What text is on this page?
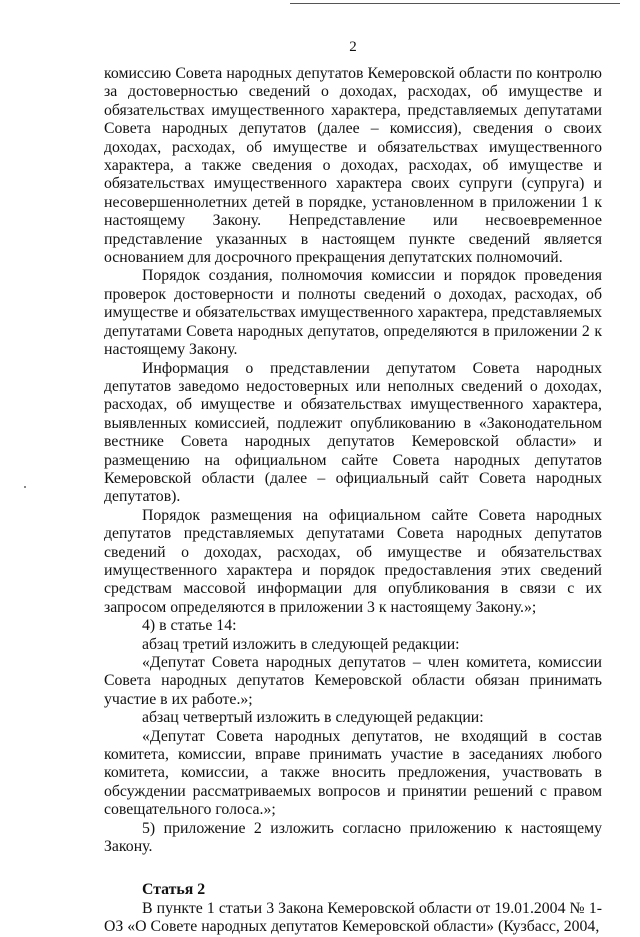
2

комиссию Совета народных депутатов Кемеровской области по контролю за достоверностью сведений о доходах, расходах, об имуществе и обязательствах имущественного характера, представляемых депутатами Совета народных депутатов (далее – комиссия), сведения о своих доходах, расходах, об имуществе и обязательствах имущественного характера, а также сведения о доходах, расходах, об имуществе и обязательствах имущественного характера своих супруги (супруга) и несовершеннолетних детей в порядке, установленном в приложении 1 к настоящему Закону. Непредставление или несвоевременное представление указанных в настоящем пункте сведений является основанием для досрочного прекращения депутатских полномочий.

Порядок создания, полномочия комиссии и порядок проведения проверок достоверности и полноты сведений о доходах, расходах, об имуществе и обязательствах имущественного характера, представляемых депутатами Совета народных депутатов, определяются в приложении 2 к настоящему Закону.

Информация о представлении депутатом Совета народных депутатов заведомо недостоверных или неполных сведений о доходах, расходах, об имуществе и обязательствах имущественного характера, выявленных комиссией, подлежит опубликованию в «Законодательном вестнике Совета народных депутатов Кемеровской области» и размещению на официальном сайте Совета народных депутатов Кемеровской области (далее – официальный сайт Совета народных депутатов).

Порядок размещения на официальном сайте Совета народных депутатов представляемых депутатами Совета народных депутатов сведений о доходах, расходах, об имуществе и обязательствах имущественного характера и порядок предоставления этих сведений средствам массовой информации для опубликования в связи с их запросом определяются в приложении 3 к настоящему Закону.»;

4) в статье 14:

абзац третий изложить в следующей редакции:

«Депутат Совета народных депутатов – член комитета, комиссии Совета народных депутатов Кемеровской области обязан принимать участие в их работе.»;

абзац четвертый изложить в следующей редакции:

«Депутат Совета народных депутатов, не входящий в состав комитета, комиссии, вправе принимать участие в заседаниях любого комитета, комиссии, а также вносить предложения, участвовать в обсуждении рассматриваемых вопросов и принятии решений с правом совещательного голоса.»;

5) приложение 2 изложить согласно приложению к настоящему Закону.

Статья 2

В пункте 1 статьи 3 Закона Кемеровской области от 19.01.2004 № 1-ОЗ «О Совете народных депутатов Кемеровской области» (Кузбасс, 2004,
